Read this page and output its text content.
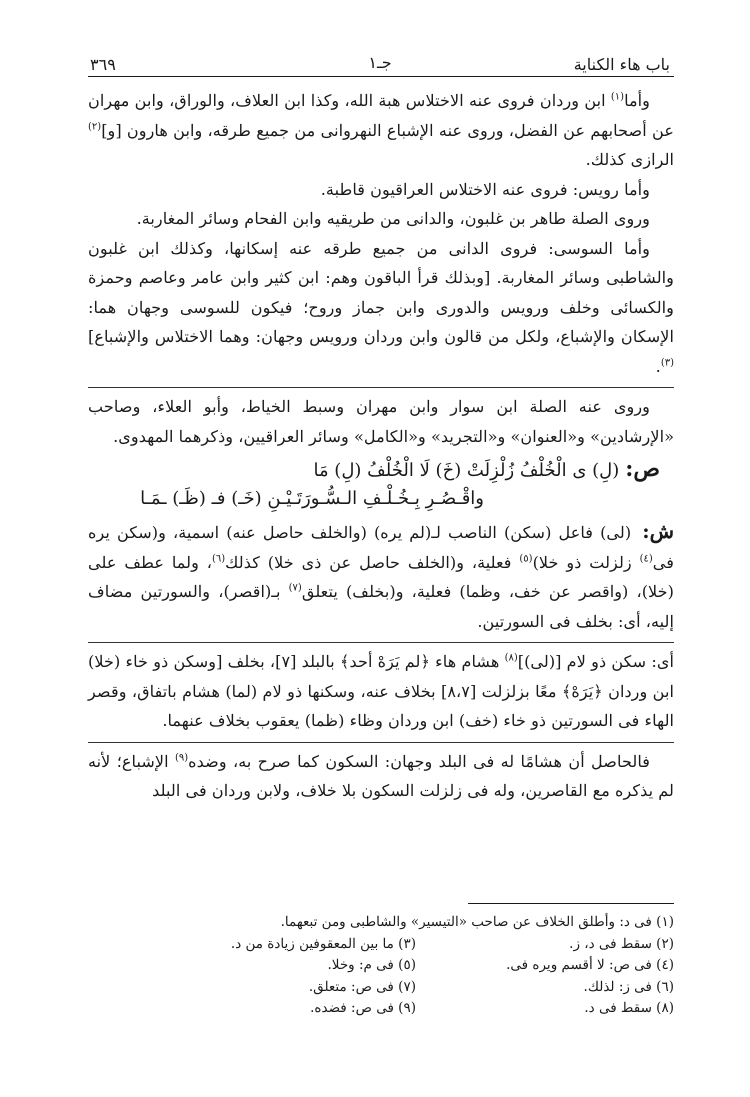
باب هاء الكناية
جـ١
٣٦٩

وأما$^{(١)}$ ابن وردان فروى عنه الاختلاس هبة الله، وكذا ابن العلاف، والوراق، وابن مهران عن أصحابهم عن الفضل، وروى عنه الإشباع النهروانى من جميع طرقه، وابن هارون [و]$^{(٢)}$ الرازى كذلك.

وأما رويس: فروى عنه الاختلاس العراقيون قاطبة.

وروى الصلة طاهر بن غلبون، والدانى من طريقيه وابن الفحام وسائر المغاربة.

وأما السوسى: فروى الدانى من جميع طرقه عنه إسكانها، وكذلك ابن غلبون والشاطبى وسائر المغاربة. [وبذلك قرأ الباقون وهم: ابن كثير وابن عامر وعاصم وحمزة والكسائى وخلف ورويس والدورى وابن جماز وروح؛ فيكون للسوسى وجهان هما: الإسكان والإشباع، ولكل من قالون وابن وردان ورويس وجهان: وهما الاختلاس والإشباع]$^{(٣)}$.

وروى عنه الصلة ابن سوار وابن مهران وسبط الخياط، وأبو العلاء، وصاحب «الإرشادين» و«العنوان» و«التجريد» و«الكامل» وسائر العراقيين، وذكرهما المهدوى.

ص:(لِ) ى الْخُلْفُ زُلْزِلَتْ (خَ) لَا الْخُلْفُ (لِ) مَا
واقْـصُـرِ بِـخُـلْـفِ الـسُّـورَتَـيْـنِ (خَـ) فـ (ظَـ) ـمَـا

ش: (لى) فاعل (سكن) الناصب لـ(لم يره) (والخلف حاصل عنه) اسمية، و(سكن يره فى$^{(٤)}$ زلزلت ذو خلا)$^{(٥)}$ فعلية، و(الخلف حاصل عن ذى خلا) كذلك$^{(٦)}$، ولما عطف على (خلا)، (واقصر عن خف، وظما) فعلية، و(بخلف) يتعلق$^{(٧)}$ بـ(اقصر)، والسورتين مضاف إليه، أى: بخلف فى السورتين.

أى: سكن ذو لام [(لى)]$^{(٨)}$ هشام هاء ﴿لم يَرَهْ أحد﴾ بالبلد [٧]، بخلف [وسكن ذو خاء (خلا) ابن وردان ﴿يَرَهْ﴾ معًا بزلزلت [٨،٧] بخلاف عنه، وسكنها ذو لام (لما) هشام باتفاق، وقصر الهاء فى السورتين ذو خاء (خف) ابن وردان وظاء (ظما) يعقوب بخلاف عنهما.

فالحاصل أن هشامًا له فى البلد وجهان: السكون كما صرح به، وضده$^{(٩)}$ الإشباع؛ لأنه لم يذكره مع القاصرين، وله فى زلزلت السكون بلا خلاف، ولابن وردان فى البلد

(١) فى د: وأطلق الخلاف عن صاحب «التيسير» والشاطبى ومن تبعهما.
(٢) سقط فى د، ز.
(٣) ما بين المعقوفين زيادة من د.
(٤) فى ص: لا أقسم ويره فى.
(٥) فى م: وخلا.
(٦) فى ز: لذلك.
(٧) فى ص: متعلق.
(٨) سقط فى د.
(٩) فى ص: فضده.
